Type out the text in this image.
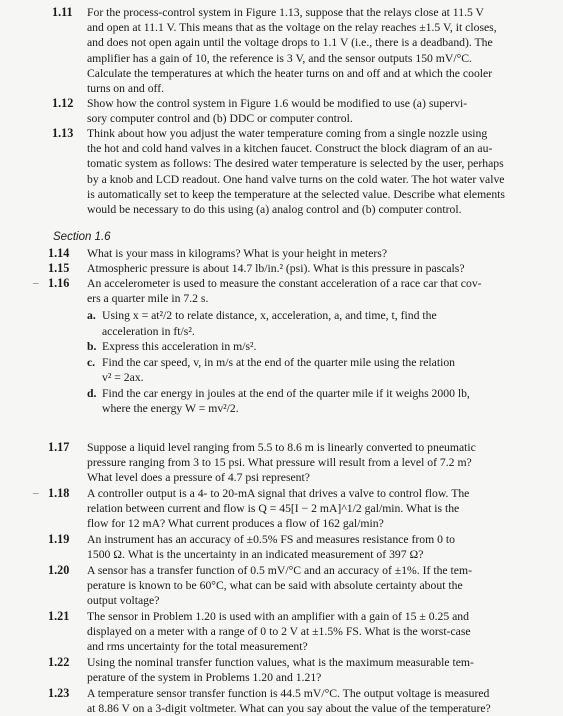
Section 1.6
1.11 For the process-control system in Figure 1.13, suppose that the relays close at 11.5 V
and open at 11.1 V. This means that as the voltage on the relay reaches ±1.5 V, it closes,
and does not open again until the voltage drops to 1.1 V (i.e., there is a deadband). The
amplifier has a gain of 10, the reference is 3 V, and the sensor outputs 150 mV/°C.
Calculate the temperatures at which the heater turns on and off and at which the cooler
turns on and off.
1.12 Show how the control system in Figure 1.6 would be modified to use (a) supervi-
sory computer control and (b) DDC or computer control.
1.13 Think about how you adjust the water temperature coming from a single nozzle using
the hot and cold hand valves in a kitchen faucet. Construct the block diagram of an au-
tomatic system as follows: The desired water temperature is selected by the user, perhaps
by a knob and LCD readout. One hand valve turns on the cold water. The hot water valve
is automatically set to keep the temperature at the selected value. Describe what elements
would be necessary to do this using (a) analog control and (b) computer control.
1.14 What is your mass in kilograms? What is your height in meters?
1.15 Atmospheric pressure is about 14.7 lb/in.² (psi). What is this pressure in pascals?
1.16 An accelerometer is used to measure the constant acceleration of a race car that cov-
ers a quarter mile in 7.2 s.
a. Using x = at²/2 to relate distance, x, acceleration, a, and time, t, find the
acceleration in ft/s².
b. Express this acceleration in m/s².
c. Find the car speed, v, in m/s at the end of the quarter mile using the relation
v² = 2ax.
d. Find the car energy in joules at the end of the quarter mile if it weighs 2000 lb,
where the energy W = mv²/2.
1.17 Suppose a liquid level ranging from 5.5 to 8.6 m is linearly converted to pneumatic
pressure ranging from 3 to 15 psi. What pressure will result from a level of 7.2 m?
What level does a pressure of 4.7 psi represent?
1.18 A controller output is a 4- to 20-mA signal that drives a valve to control flow. The
relation between current and flow is Q = 45[I − 2 mA]^1/2 gal/min. What is the
flow for 12 mA? What current produces a flow of 162 gal/min?
1.19 An instrument has an accuracy of ±0.5% FS and measures resistance from 0 to
1500 Ω. What is the uncertainty in an indicated measurement of 397 Ω?
1.20 A sensor has a transfer function of 0.5 mV/°C and an accuracy of ±1%. If the tem-
perature is known to be 60°C, what can be said with absolute certainty about the
output voltage?
1.21 The sensor in Problem 1.20 is used with an amplifier with a gain of 15 ± 0.25 and
displayed on a meter with a range of 0 to 2 V at ±1.5% FS. What is the worst-case
and rms uncertainty for the total measurement?
1.22 Using the nominal transfer function values, what is the maximum measurable tem-
perature of the system in Problems 1.20 and 1.21?
1.23 A temperature sensor transfer function is 44.5 mV/°C. The output voltage is measured
at 8.86 V on a 3-digit voltmeter. What can you say about the value of the temperature?
–
–
